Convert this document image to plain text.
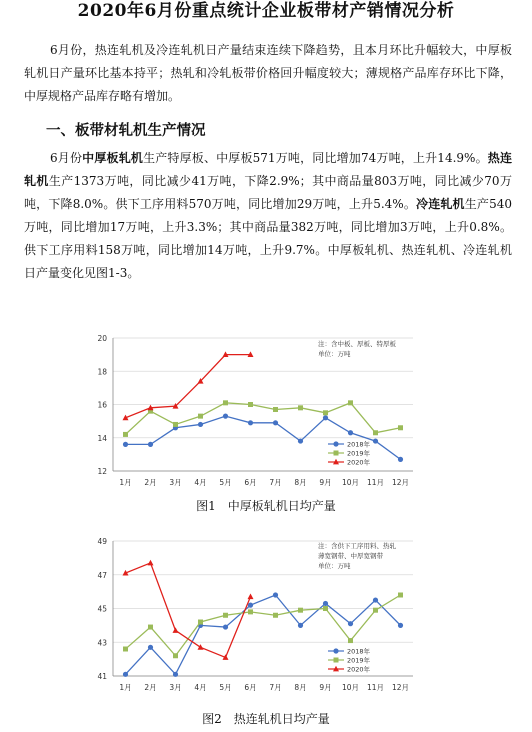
2020年6月份重点统计企业板带材产销情况分析
6月份，热连轧机及冷连轧机日产量结束连续下降趋势，且本月环比升幅较大，中厚板轧机日产量环比基本持平；热轧和冷轧板带价格回升幅度较大；薄规格产品库存环比下降，中厚规格产品库存略有增加。
一、板带材轧机生产情况
6月份中厚板轧机生产特厚板、中厚板571万吨，同比增加74万吨，上升14.9%。热连轧机生产1373万吨，同比减少41万吨，下降2.9%；其中商品量803万吨，同比减少70万吨，下降8.0%。供下工序用料570万吨，同比增加29万吨，上升5.4%。冷连轧机生产540万吨，同比增加17万吨，上升3.3%；其中商品量382万吨，同比增加3万吨，上升0.8%。供下工序用料158万吨，同比增加14万吨，上升9.7%。中厚板轧机、热连轧机、冷连轧机日产量变化见图1-3。
12
14
16
18
20
1月 2月 3月 4月 5月 6月 7月 8月 9月 10月 11月 12月
注：含中板、厚板、特厚板
单位：万吨
2018年
2019年
2020年
图1　中厚板轧机日均产量
41
43
45
47
49
1月 2月 3月 4月 5月 6月 7月 8月 9月 10月 11月 12月
注：含供下工序用料、热轧
薄宽钢带、中厚宽钢带
单位：万吨
2018年
2019年
2020年
图2　热连轧机日均产量
